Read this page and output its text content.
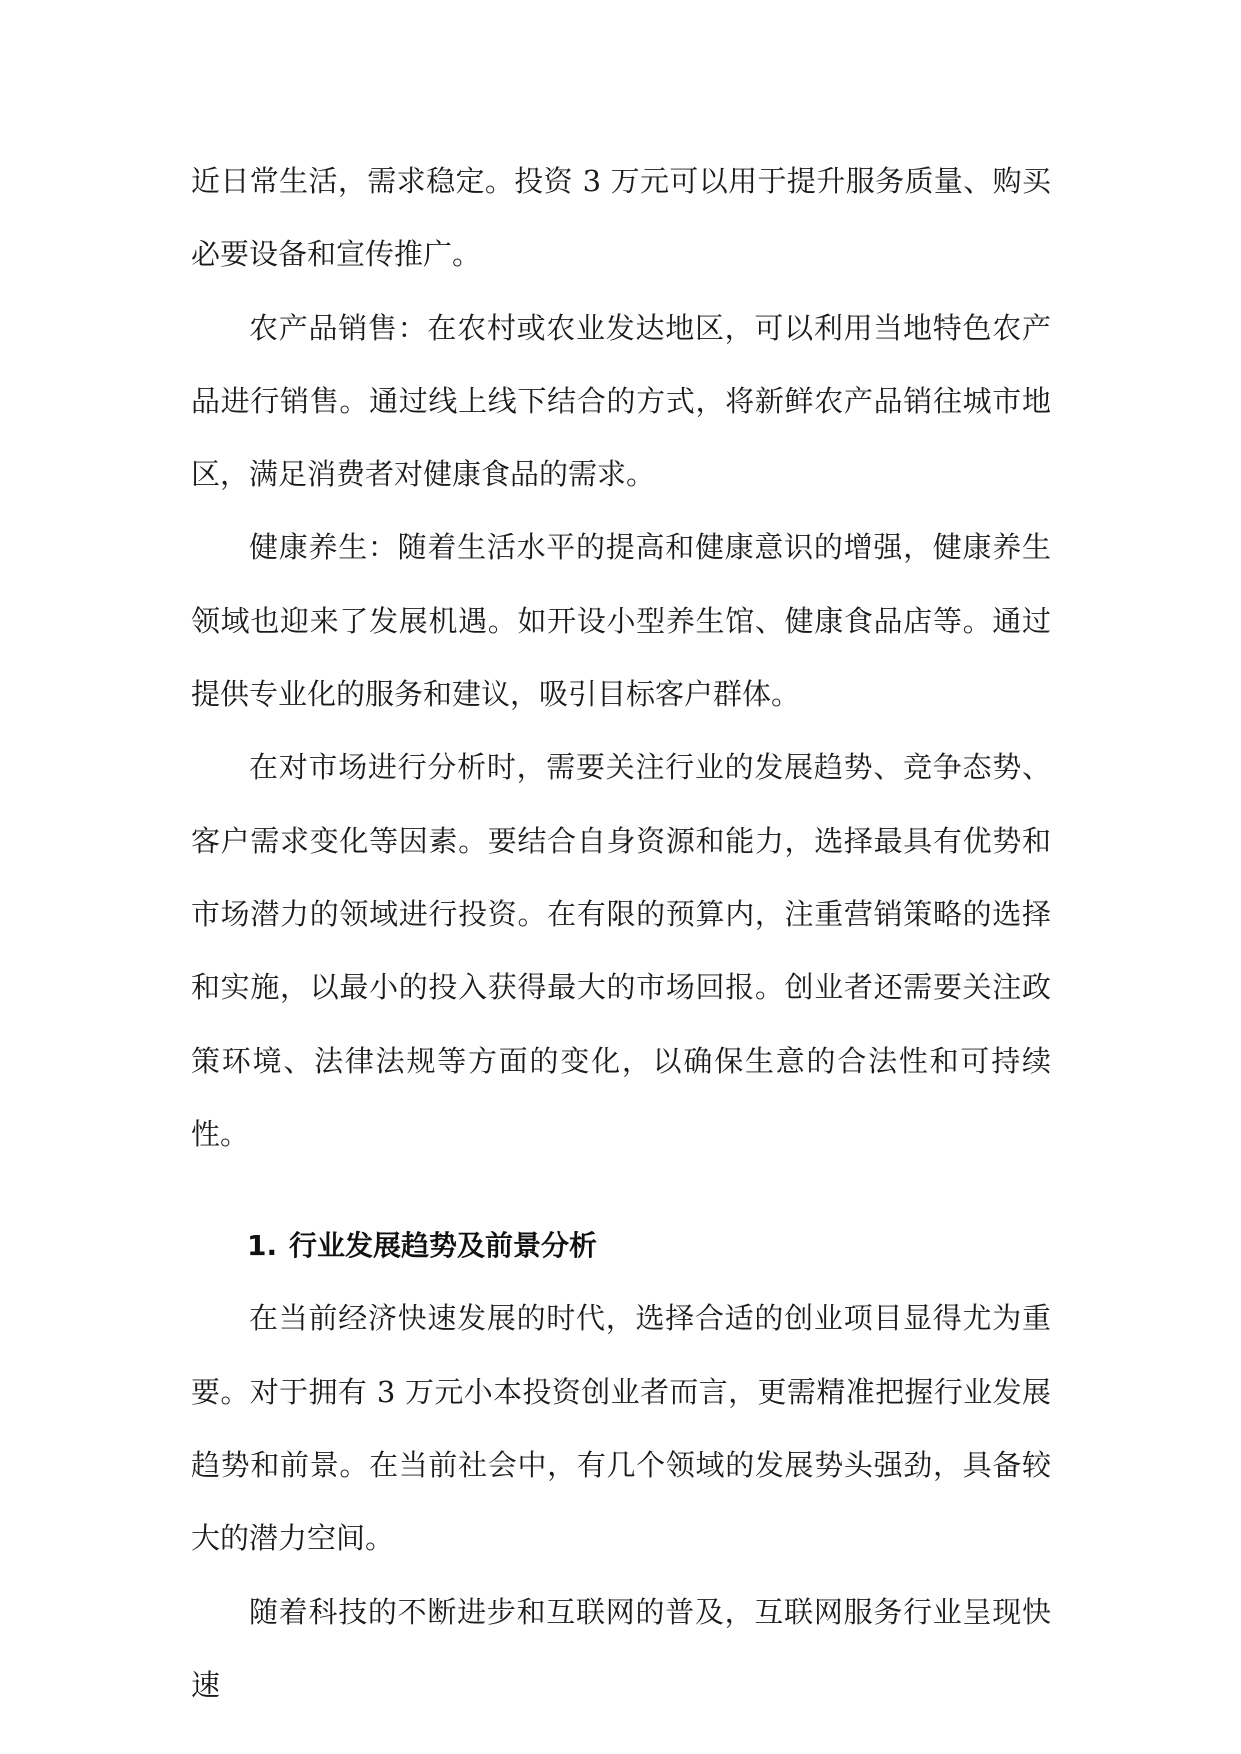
近日常生活，需求稳定。投资 3 万元可以用于提升服务质量、购买必要设备和宣传推广。

农产品销售：在农村或农业发达地区，可以利用当地特色农产品进行销售。通过线上线下结合的方式，将新鲜农产品销往城市地区，满足消费者对健康食品的需求。

健康养生：随着生活水平的提高和健康意识的增强，健康养生领域也迎来了发展机遇。如开设小型养生馆、健康食品店等。通过提供专业化的服务和建议，吸引目标客户群体。

在对市场进行分析时，需要关注行业的发展趋势、竞争态势、客户需求变化等因素。要结合自身资源和能力，选择最具有优势和市场潜力的领域进行投资。在有限的预算内，注重营销策略的选择和实施，以最小的投入获得最大的市场回报。创业者还需要关注政策环境、法律法规等方面的变化，以确保生意的合法性和可持续性。

1. 行业发展趋势及前景分析

在当前经济快速发展的时代，选择合适的创业项目显得尤为重要。对于拥有 3 万元小本投资创业者而言，更需精准把握行业发展趋势和前景。在当前社会中，有几个领域的发展势头强劲，具备较大的潜力空间。

随着科技的不断进步和互联网的普及，互联网服务行业呈现快速
